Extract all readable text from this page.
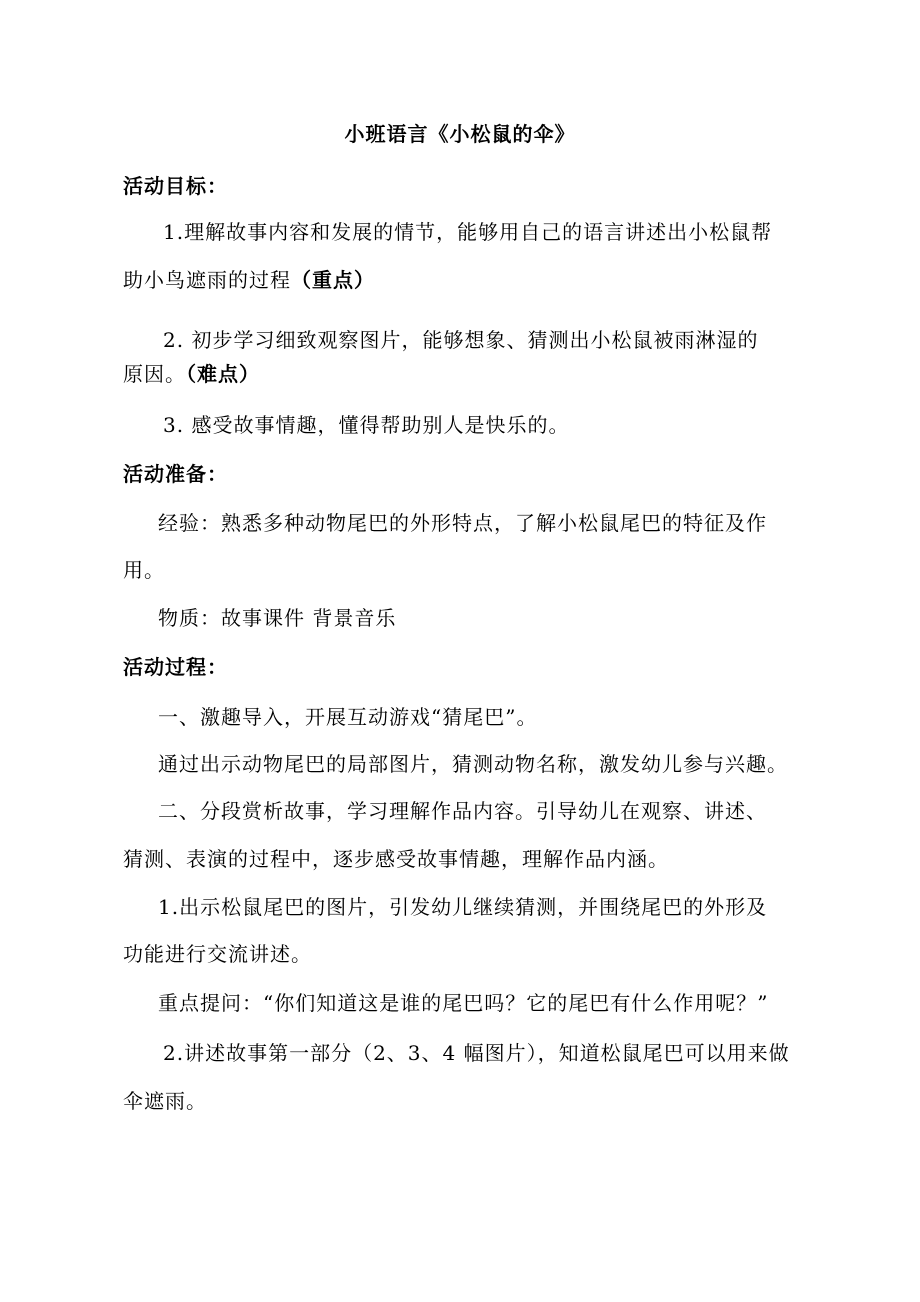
小班语言《小松鼠的伞》
活动目标：
1.理解故事内容和发展的情节，能够用自己的语言讲述出小松鼠帮
助小鸟遮雨的过程（重点）
2. 初步学习细致观察图片，能够想象、猜测出小松鼠被雨淋湿的
原因。（难点）
3. 感受故事情趣，懂得帮助别人是快乐的。
活动准备：
经验：熟悉多种动物尾巴的外形特点，了解小松鼠尾巴的特征及作
用。
物质：故事课件 背景音乐
活动过程：
一、激趣导入，开展互动游戏“猜尾巴”。
通过出示动物尾巴的局部图片，猜测动物名称，激发幼儿参与兴趣。
二、分段赏析故事，学习理解作品内容。引导幼儿在观察、讲述、
猜测、表演的过程中，逐步感受故事情趣，理解作品内涵。
1.出示松鼠尾巴的图片，引发幼儿继续猜测，并围绕尾巴的外形及
功能进行交流讲述。
重点提问：“你们知道这是谁的尾巴吗？它的尾巴有什么作用呢？”
2.讲述故事第一部分（2、3、4 幅图片），知道松鼠尾巴可以用来做
伞遮雨。
